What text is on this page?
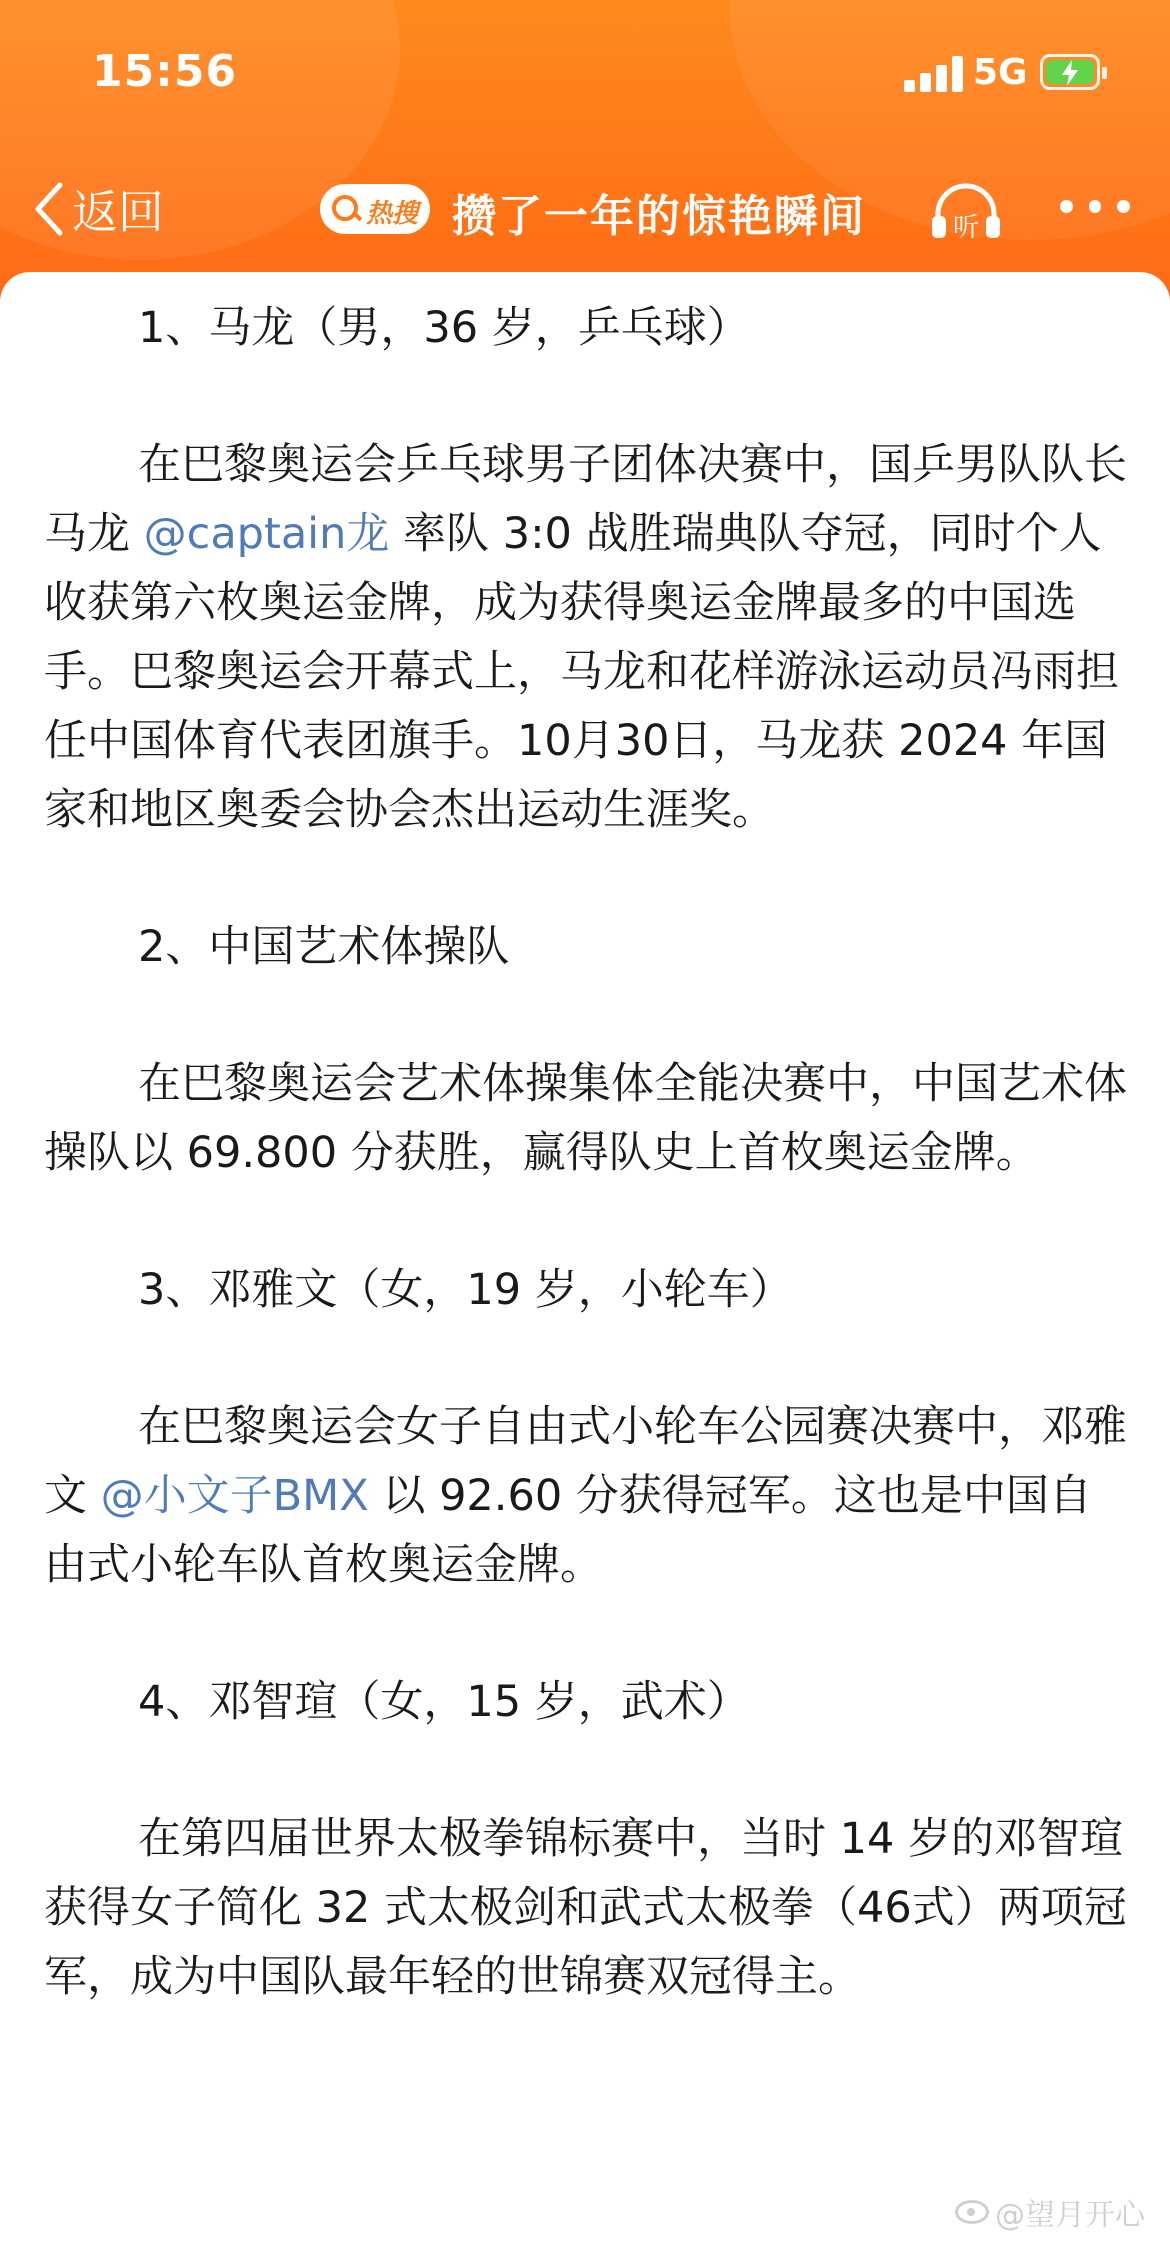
15:56	5G
返回	热搜 攒了一年的惊艳瞬间	听

1、马龙（男，36 岁，乒乓球）

在巴黎奥运会乒乓球男子团体决赛中，国乒男队队长马龙 @captain龙 率队 3:0 战胜瑞典队夺冠，同时个人收获第六枚奥运金牌，成为获得奥运金牌最多的中国选手。巴黎奥运会开幕式上，马龙和花样游泳运动员冯雨担任中国体育代表团旗手。10月30日，马龙获 2024 年国家和地区奥委会协会杰出运动生涯奖。

2、中国艺术体操队

在巴黎奥运会艺术体操集体全能决赛中，中国艺术体操队以 69.800 分获胜，赢得队史上首枚奥运金牌。

3、邓雅文（女，19 岁，小轮车）

在巴黎奥运会女子自由式小轮车公园赛决赛中，邓雅文 @小文子BMX 以 92.60 分获得冠军。这也是中国自由式小轮车队首枚奥运金牌。

4、邓智瑄（女，15 岁，武术）

在第四届世界太极拳锦标赛中，当时 14 岁的邓智瑄获得女子简化 32 式太极剑和武式太极拳（46式）两项冠军，成为中国队最年轻的世锦赛双冠得主。

@望月开心
